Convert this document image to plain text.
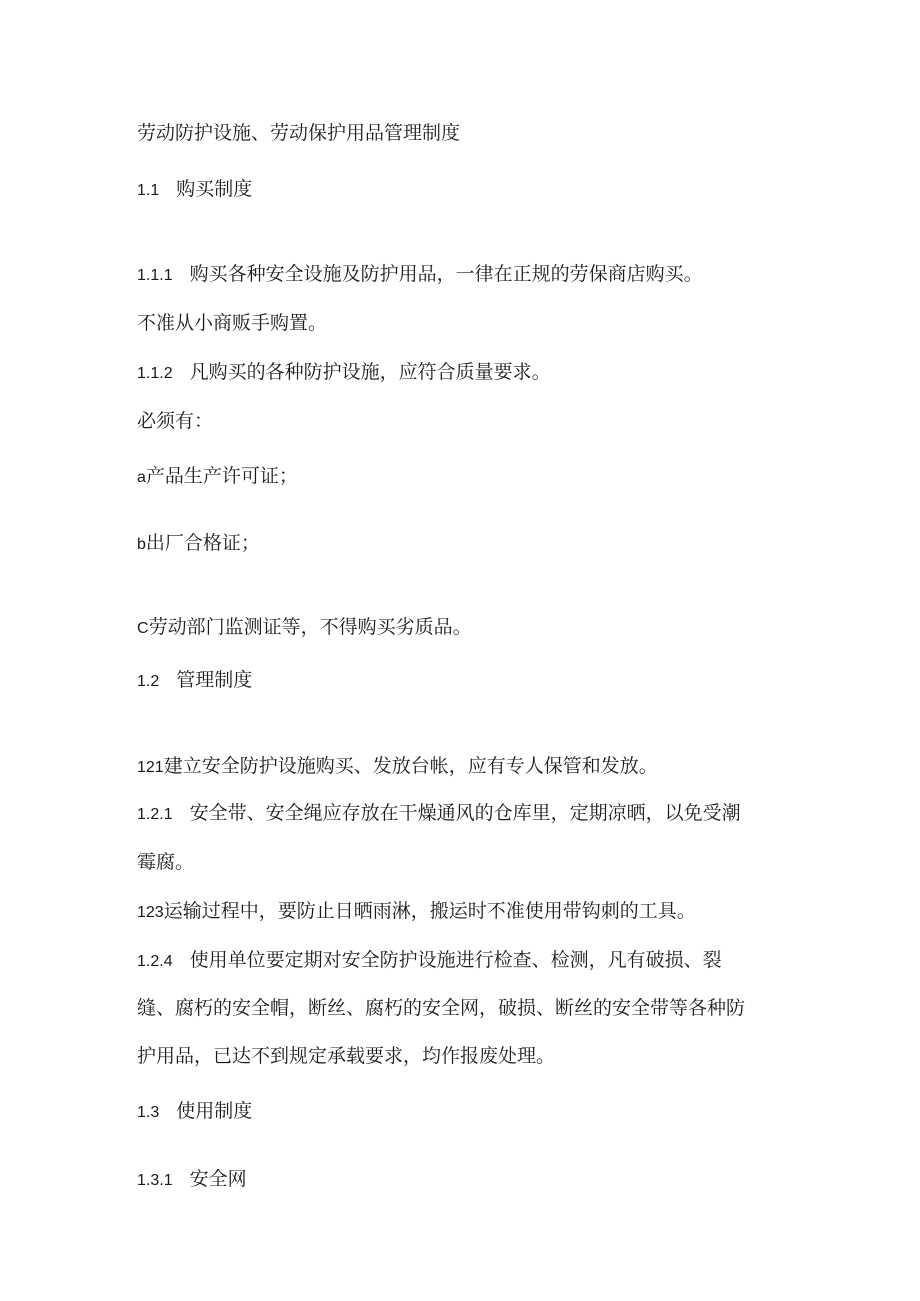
劳动防护设施、劳动保护用品管理制度
1.1 购买制度
1.1.1 购买各种安全设施及防护用品，一律在正规的劳保商店购买。
不准从小商贩手购置。
1.1.2 凡购买的各种防护设施，应符合质量要求。
必须有：
a产品生产许可证；
b出厂合格证；
C劳动部门监测证等，不得购买劣质品。
1.2 管理制度
121建立安全防护设施购买、发放台帐，应有专人保管和发放。
1.2.1 安全带、安全绳应存放在干燥通风的仓库里，定期凉晒，以免受潮
霉腐。
123运输过程中，要防止日晒雨淋，搬运时不准使用带钩刺的工具。
1.2.4 使用单位要定期对安全防护设施进行检查、检测，凡有破损、裂
缝、腐朽的安全帽，断丝、腐朽的安全网，破损、断丝的安全带等各种防
护用品，已达不到规定承载要求，均作报废处理。
1.3 使用制度
1.3.1 安全网
